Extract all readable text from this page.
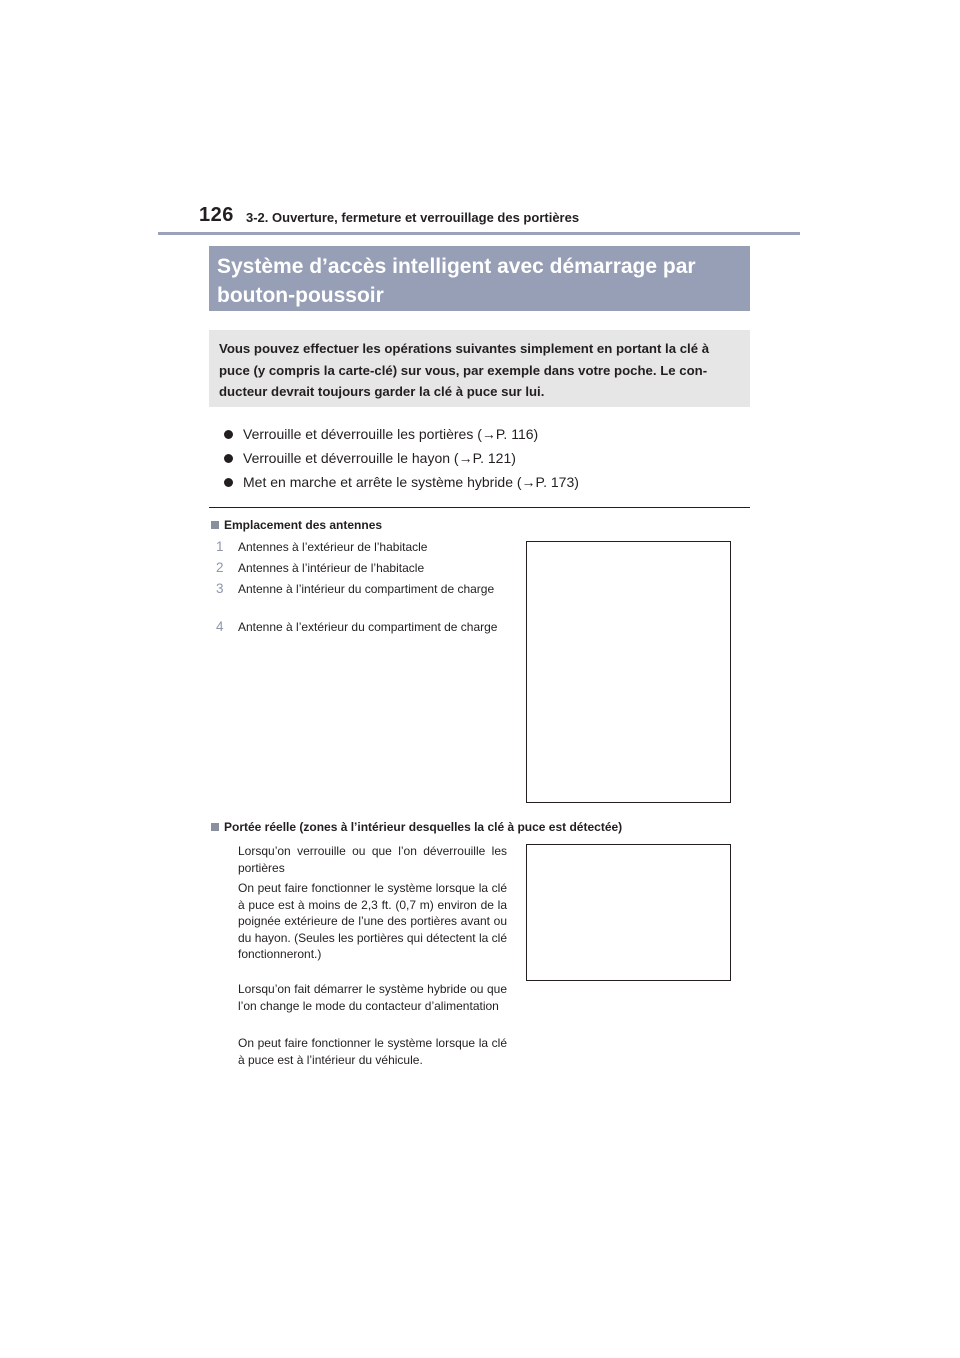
126 3-2. Ouverture, fermeture et verrouillage des portières
Système d’accès intelligent avec démarrage par
bouton-poussoir
Vous pouvez effectuer les opérations suivantes simplement en portant la clé à
puce (y compris la carte-clé) sur vous, par exemple dans votre poche. Le con-
ducteur devrait toujours garder la clé à puce sur lui.
Verrouille et déverrouille les portières (→P. 116)
Verrouille et déverrouille le hayon (→P. 121)
Met en marche et arrête le système hybride (→P. 173)
Emplacement des antennes
1	Antennes à l’extérieur de l’habitacle
2	Antennes à l’intérieur de l’habitacle
3	Antenne à l’intérieur du compartiment de charge
4	Antenne à l’extérieur du compartiment de charge
Portée réelle (zones à l’intérieur desquelles la clé à puce est détectée)
Lorsqu’on verrouille ou que l’on déverrouille les portières
On peut faire fonctionner le système lorsque la clé à puce est à moins de 2,3 ft. (0,7 m) environ de la poignée extérieure de l’une des portières avant ou du hayon. (Seules les portières qui détectent la clé fonctionneront.)
Lorsqu’on fait démarrer le système hybride ou que l’on change le mode du contacteur d’alimentation
On peut faire fonctionner le système lorsque la clé à puce est à l’intérieur du véhicule.
